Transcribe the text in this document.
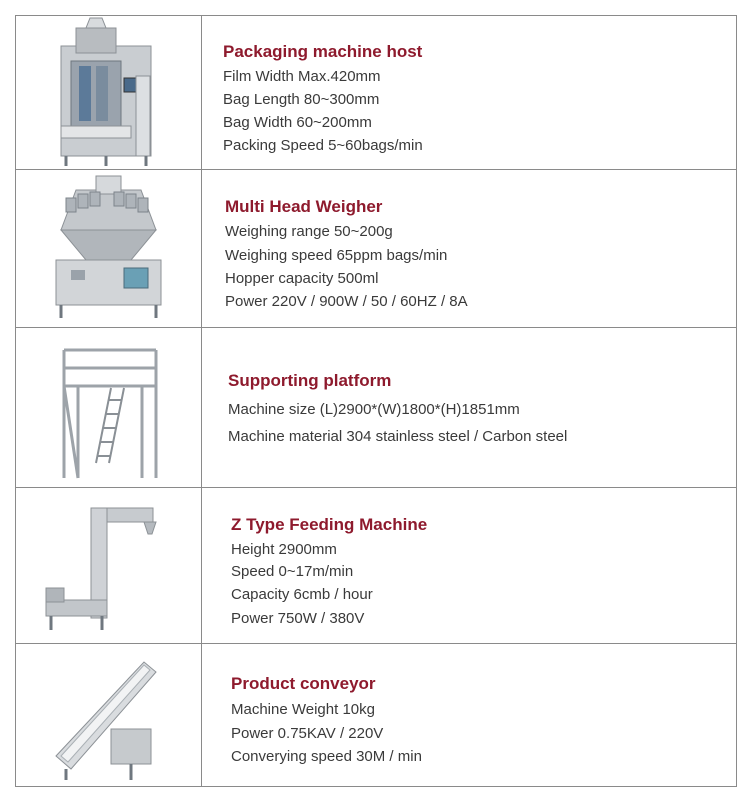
Packaging machine host
Film Width Max.420mm
Bag Length 80~300mm
Bag Width 60~200mm
Packing Speed 5~60bags/min

Multi Head Weigher
Weighing range 50~200g
Weighing speed 65ppm bags/min
Hopper capacity 500ml
Power 220V / 900W / 50 / 60HZ / 8A

Supporting platform
Machine size (L)2900*(W)1800*(H)1851mm
Machine material 304 stainless steel / Carbon steel

Z Type Feeding Machine
Height 2900mm
Speed 0~17m/min
Capacity 6cmb / hour
Power 750W / 380V

Product conveyor
Machine Weight 10kg
Power 0.75KAV / 220V
Converying speed 30M / min
